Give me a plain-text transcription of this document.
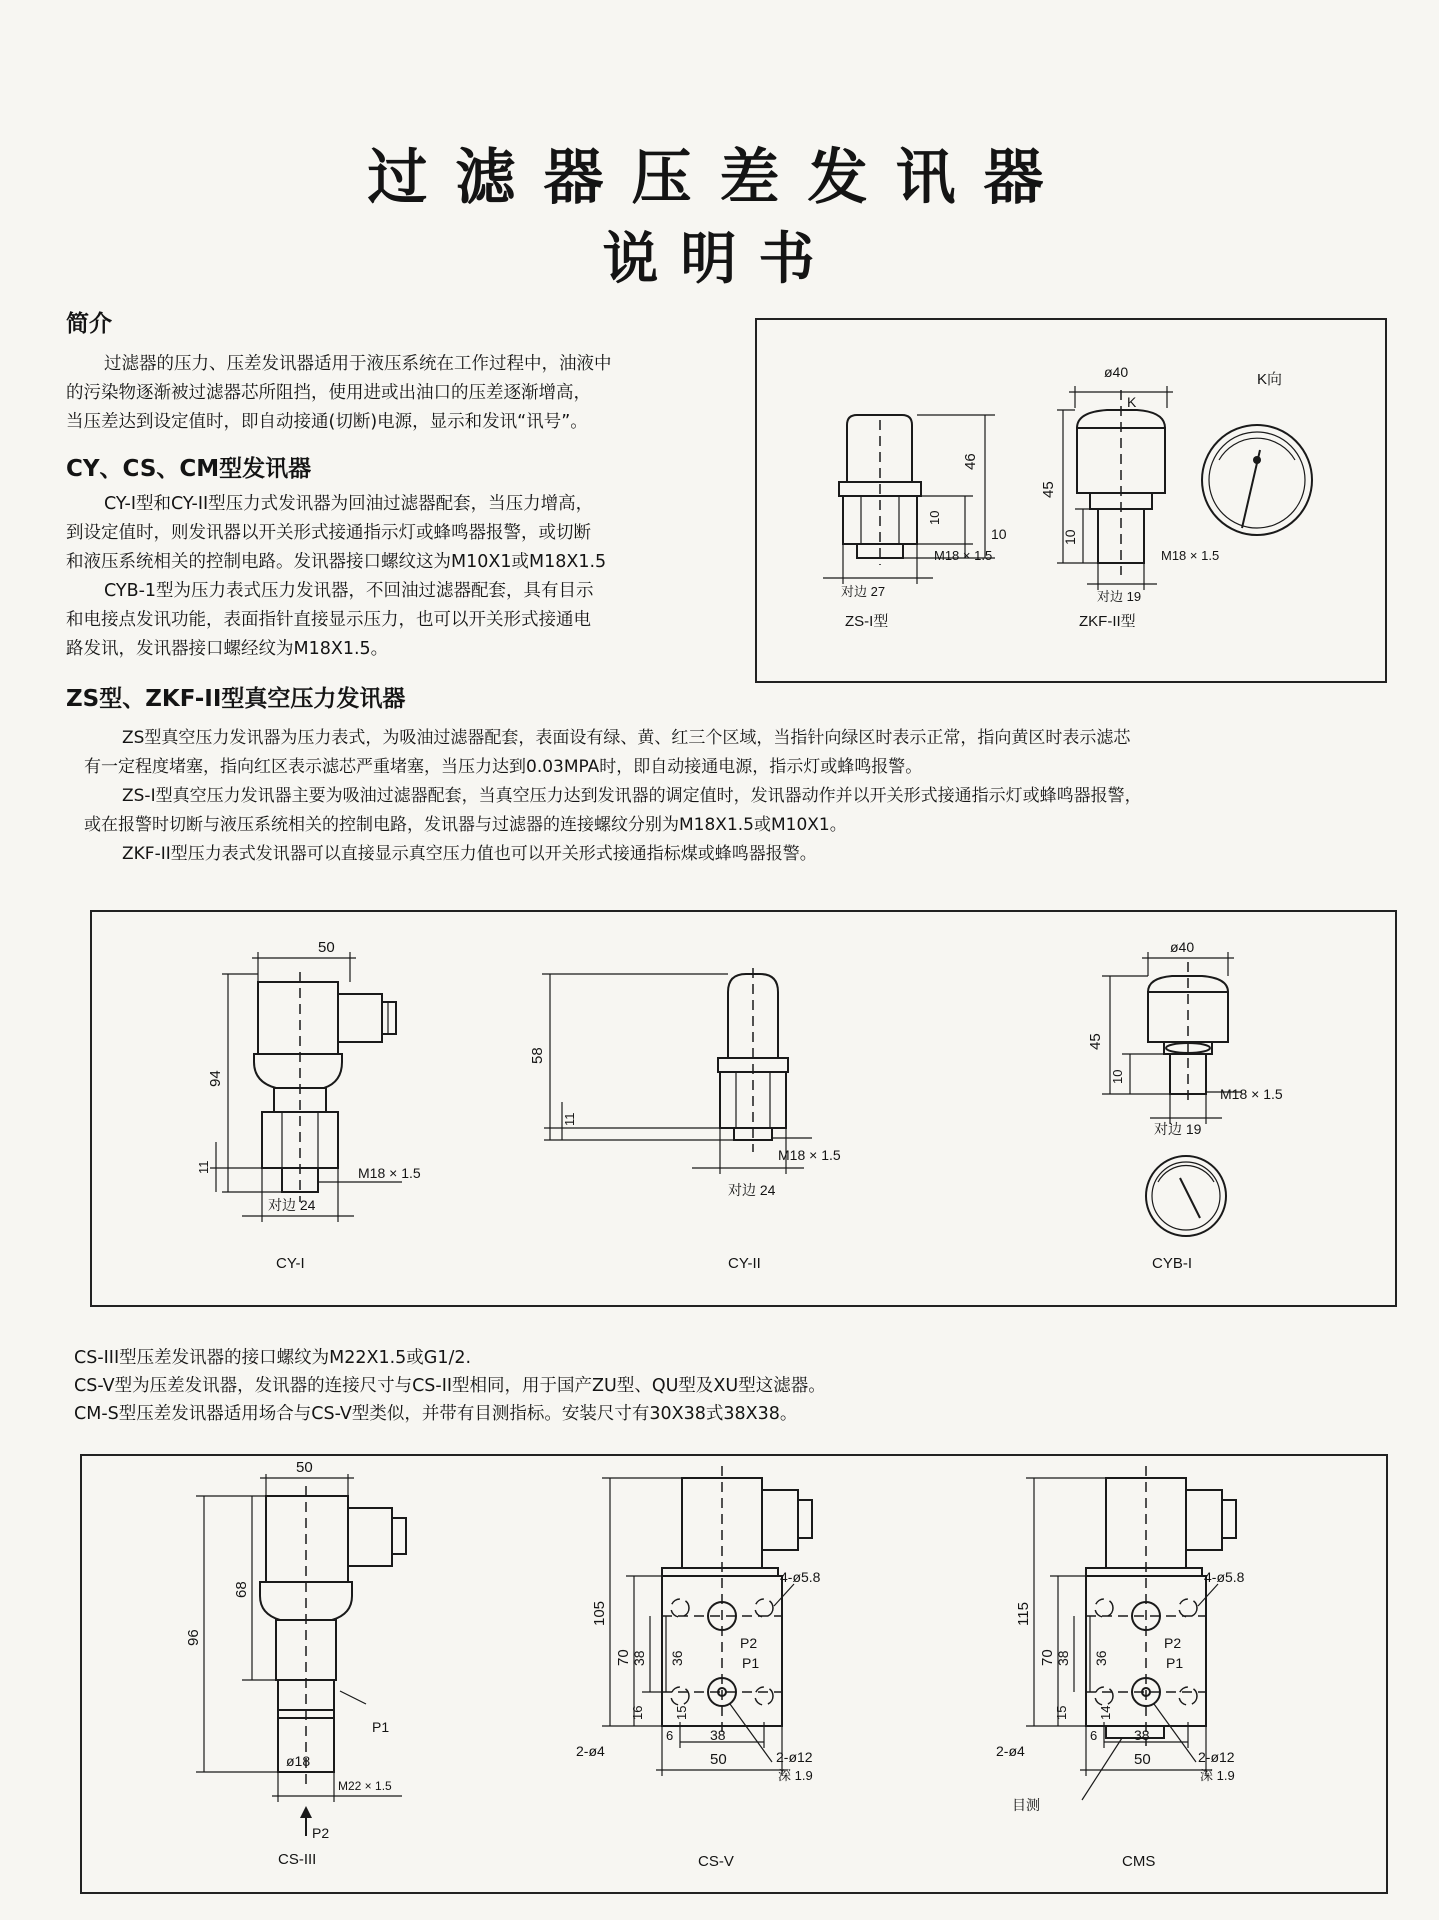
过滤器压差发讯器
说明书
简介
过滤器的压力、压差发讯器适用于液压系统在工作过程中，油液中
的污染物逐渐被过滤器芯所阻挡，使用进或出油口的压差逐渐增高，
当压差达到设定值时，即自动接通(切断)电源，显示和发讯“讯号”。
CY、CS、CM型发讯器
CY-I型和CY-II型压力式发讯器为回油过滤器配套，当压力增高，
到设定值时，则发讯器以开关形式接通指示灯或蜂鸣器报警，或切断
和液压系统相关的控制电路。发讯器接口螺纹这为M10X1或M18X1.5
CYB-1型为压力表式压力发讯器，不回油过滤器配套，具有目示
和电接点发讯功能，表面指针直接显示压力，也可以开关形式接通电
路发讯，发讯器接口螺经纹为M18X1.5。
ZS型、ZKF-II型真空压力发讯器
ZS型真空压力发讯器为压力表式，为吸油过滤器配套，表面设有绿、黄、红三个区域，当指针向绿区时表示正常，指向黄区时表示滤芯
有一定程度堵塞，指向红区表示滤芯严重堵塞，当压力达到0.03MPA时，即自动接通电源，指示灯或蜂鸣报警。
ZS-I型真空压力发讯器主要为吸油过滤器配套，当真空压力达到发讯器的调定值时，发讯器动作并以开关形式接通指示灯或蜂鸣器报警，
或在报警时切断与液压系统相关的控制电路，发讯器与过滤器的连接螺纹分别为M18X1.5或M10X1。
ZKF-II型压力表式发讯器可以直接显示真空压力值也可以开关形式接通指标煤或蜂鸣器报警。
46
10
10
M18 × 1.5
对边 27
ZS-I型
ø40
K
45
10
M18 × 1.5
对边 19
ZKF-II型
K向
50
94
11	M18 × 1.5
对边 24
CY-I
58
11
M18 × 1.5
对边 24
CY-II
ø40
45
10
M18 × 1.5
对边 19
CYB-I
CS-III型压差发讯器的接口螺纹为M22X1.5或G1/2.
CS-V型为压差发讯器，发讯器的连接尺寸与CS-II型相同，用于国产ZU型、QU型及XU型这滤器。
CM-S型压差发讯器适用场合与CS-V型类似，并带有目测指标。安装尺寸有30X38式38X38。
50
96
68
P1
ø18
M22 × 1.5
P2
CS-III
4-ø5.8
105
70 38 36
16 15
P2
P1
2-ø4
6	38
50	2-ø12
深 1.9
CS-V
4-ø5.8
115
70 38 36
15 14
P2
P1
2-ø4
6	38
50	2-ø12
深 1.9
目测
CMS
